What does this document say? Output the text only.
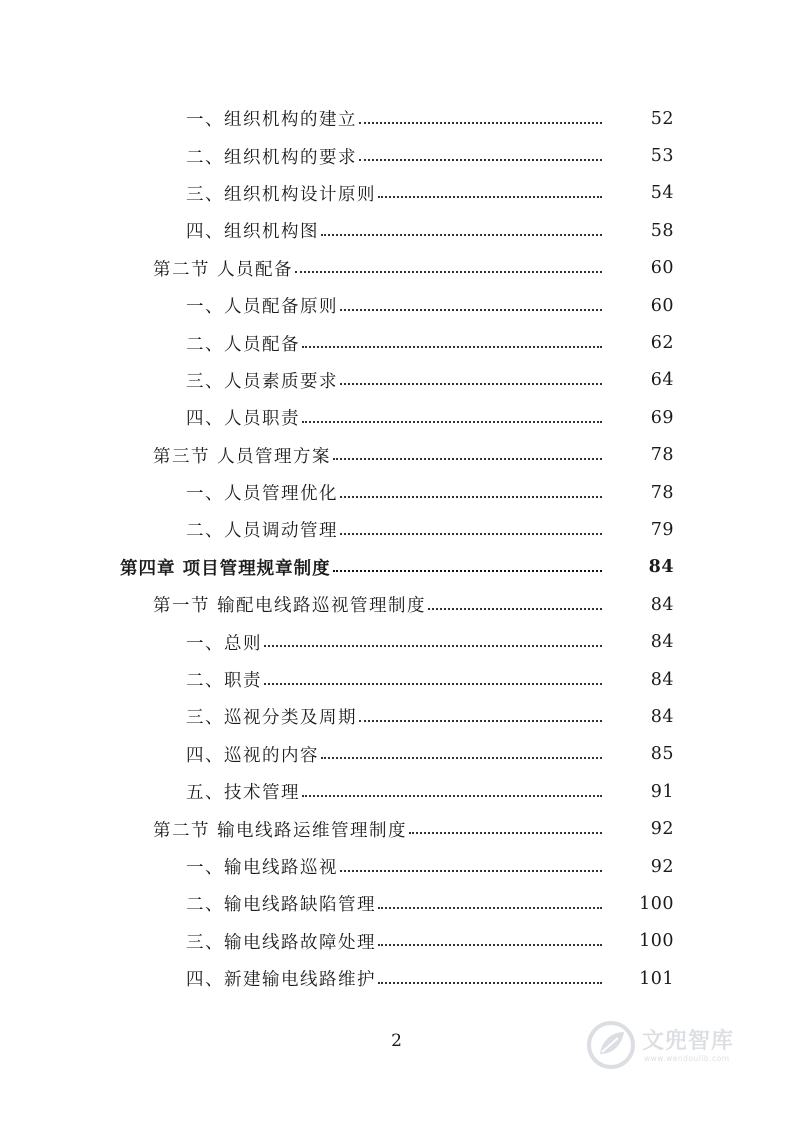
一、组织机构的建立	52
二、组织机构的要求	53
三、组织机构设计原则	54
四、组织机构图	58
第二节 人员配备	60
一、人员配备原则	60
二、人员配备	62
三、人员素质要求	64
四、人员职责	69
第三节 人员管理方案	78
一、人员管理优化	78
二、人员调动管理	79
第四章 项目管理规章制度	84
第一节 输配电线路巡视管理制度	84
一、总则	84
二、职责	84
三、巡视分类及周期	84
四、巡视的内容	85
五、技术管理	91
第二节 输电线路运维管理制度	92
一、输电线路巡视	92
二、输电线路缺陷管理	100
三、输电线路故障处理	100
四、新建输电线路维护	101
2	文兜智库
www.wendoulib.com
